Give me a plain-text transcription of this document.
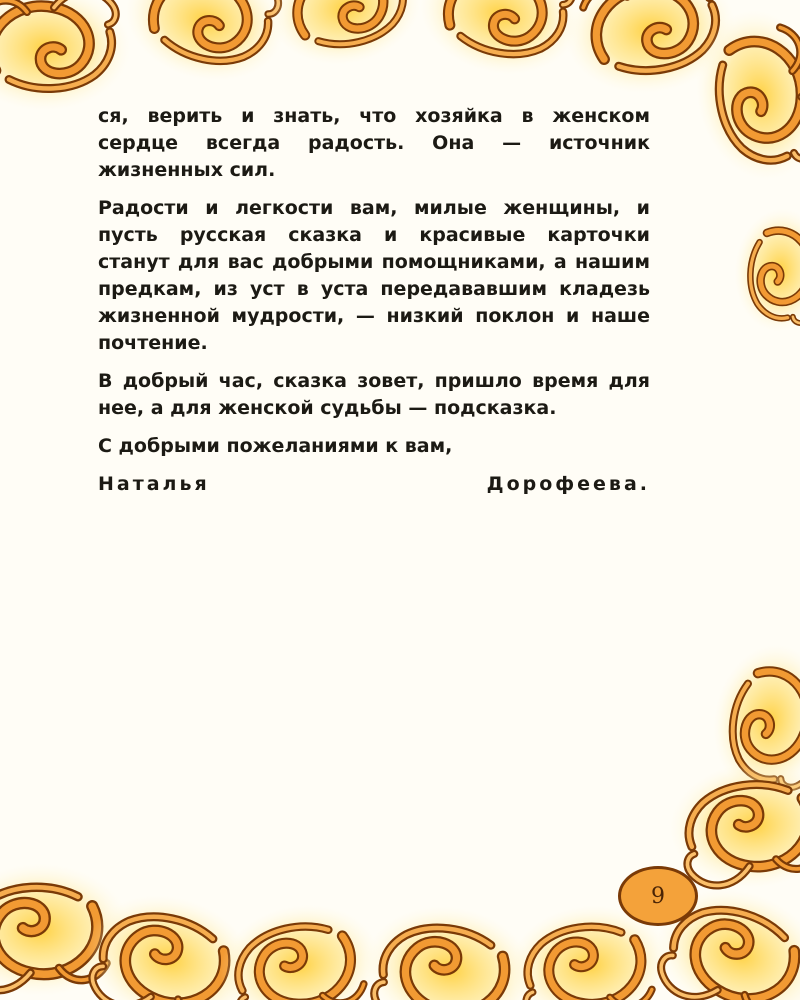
ся, верить и знать, что хозяйка в женском сердце всегда радость. Она — источник жизненных сил.

Радости и легкости вам, милые женщины, и пусть русская сказка и красивые карточки станут для вас добрыми помощниками, а нашим предкам, из уст в уста передававшим кладезь жизненной мудрости, — низкий поклон и наше почтение.

В добрый час, сказка зовет, пришло время для нее, а для женской судьбы — подсказка.

С добрыми пожеланиями к вам,

Наталья Дорофеева.

9
